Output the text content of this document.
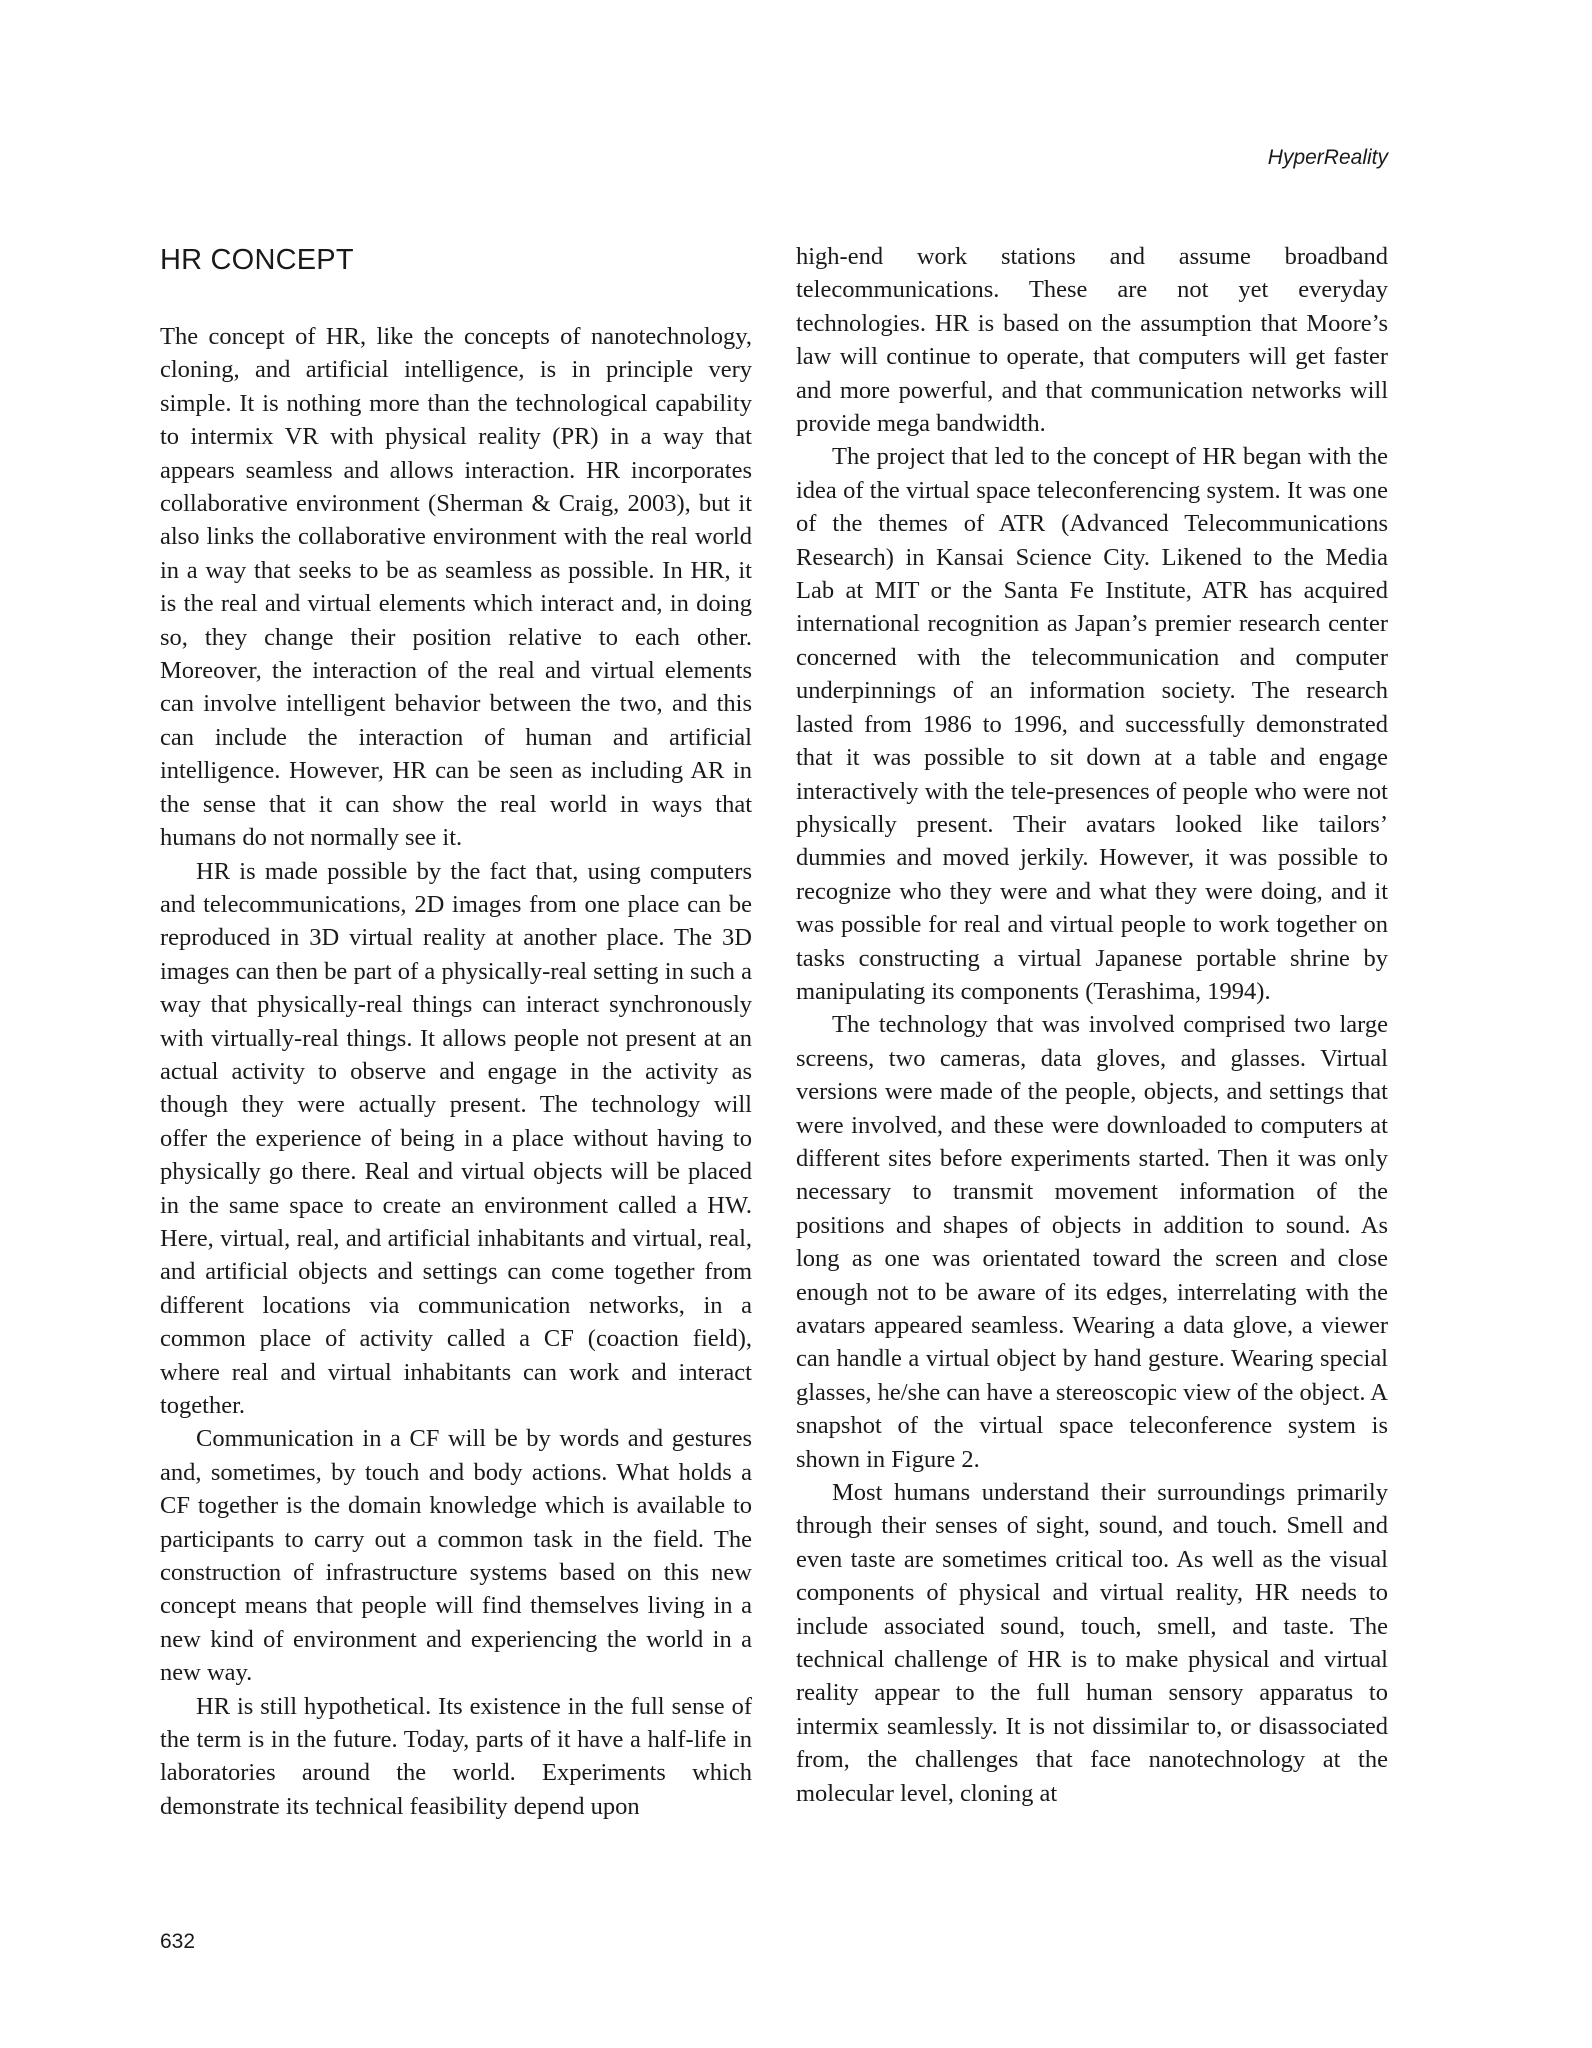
HyperReality

HR CONCEPT

The concept of HR, like the concepts of nanotechnology, cloning, and artificial intelligence, is in principle very simple. It is nothing more than the technological capability to intermix VR with physical reality (PR) in a way that appears seamless and allows interaction. HR incorporates collaborative environment (Sherman & Craig, 2003), but it also links the collaborative environment with the real world in a way that seeks to be as seamless as possible. In HR, it is the real and virtual elements which interact and, in doing so, they change their position relative to each other. Moreover, the interaction of the real and virtual elements can involve intelligent behavior between the two, and this can include the interaction of human and artificial intelligence. However, HR can be seen as including AR in the sense that it can show the real world in ways that humans do not normally see it.

HR is made possible by the fact that, using computers and telecommunications, 2D images from one place can be reproduced in 3D virtual reality at another place. The 3D images can then be part of a physically-real setting in such a way that physically-real things can interact synchronously with virtually-real things. It allows people not present at an actual activity to observe and engage in the activity as though they were actually present. The technology will offer the experience of being in a place without having to physically go there. Real and virtual objects will be placed in the same space to create an environment called a HW. Here, virtual, real, and artificial inhabitants and virtual, real, and artificial objects and settings can come together from different locations via communication networks, in a common place of activity called a CF (coaction field), where real and virtual inhabitants can work and interact together.

Communication in a CF will be by words and gestures and, sometimes, by touch and body actions. What holds a CF together is the domain knowledge which is available to participants to carry out a common task in the field. The construction of infrastructure systems based on this new concept means that people will find themselves living in a new kind of environment and experiencing the world in a new way.

HR is still hypothetical. Its existence in the full sense of the term is in the future. Today, parts of it have a half-life in laboratories around the world. Experiments which demonstrate its technical feasibility depend upon

high-end work stations and assume broadband telecommunications. These are not yet everyday technologies. HR is based on the assumption that Moore’s law will continue to operate, that computers will get faster and more powerful, and that communication networks will provide mega bandwidth.

The project that led to the concept of HR began with the idea of the virtual space teleconferencing system. It was one of the themes of ATR (Advanced Telecommunications Research) in Kansai Science City. Likened to the Media Lab at MIT or the Santa Fe Institute, ATR has acquired international recognition as Japan’s premier research center concerned with the telecommunication and computer underpinnings of an information society. The research lasted from 1986 to 1996, and successfully demonstrated that it was possible to sit down at a table and engage interactively with the tele-presences of people who were not physically present. Their avatars looked like tailors’ dummies and moved jerkily. However, it was possible to recognize who they were and what they were doing, and it was possible for real and virtual people to work together on tasks constructing a virtual Japanese portable shrine by manipulating its components (Terashima, 1994).

The technology that was involved comprised two large screens, two cameras, data gloves, and glasses. Virtual versions were made of the people, objects, and settings that were involved, and these were downloaded to computers at different sites before experiments started. Then it was only necessary to transmit movement information of the positions and shapes of objects in addition to sound. As long as one was orientated toward the screen and close enough not to be aware of its edges, interrelating with the avatars appeared seamless. Wearing a data glove, a viewer can handle a virtual object by hand gesture. Wearing special glasses, he/she can have a stereoscopic view of the object. A snapshot of the virtual space teleconference system is shown in Figure 2.

Most humans understand their surroundings primarily through their senses of sight, sound, and touch. Smell and even taste are sometimes critical too. As well as the visual components of physical and virtual reality, HR needs to include associated sound, touch, smell, and taste. The technical challenge of HR is to make physical and virtual reality appear to the full human sensory apparatus to intermix seamlessly. It is not dissimilar to, or disassociated from, the challenges that face nanotechnology at the molecular level, cloning at

632
